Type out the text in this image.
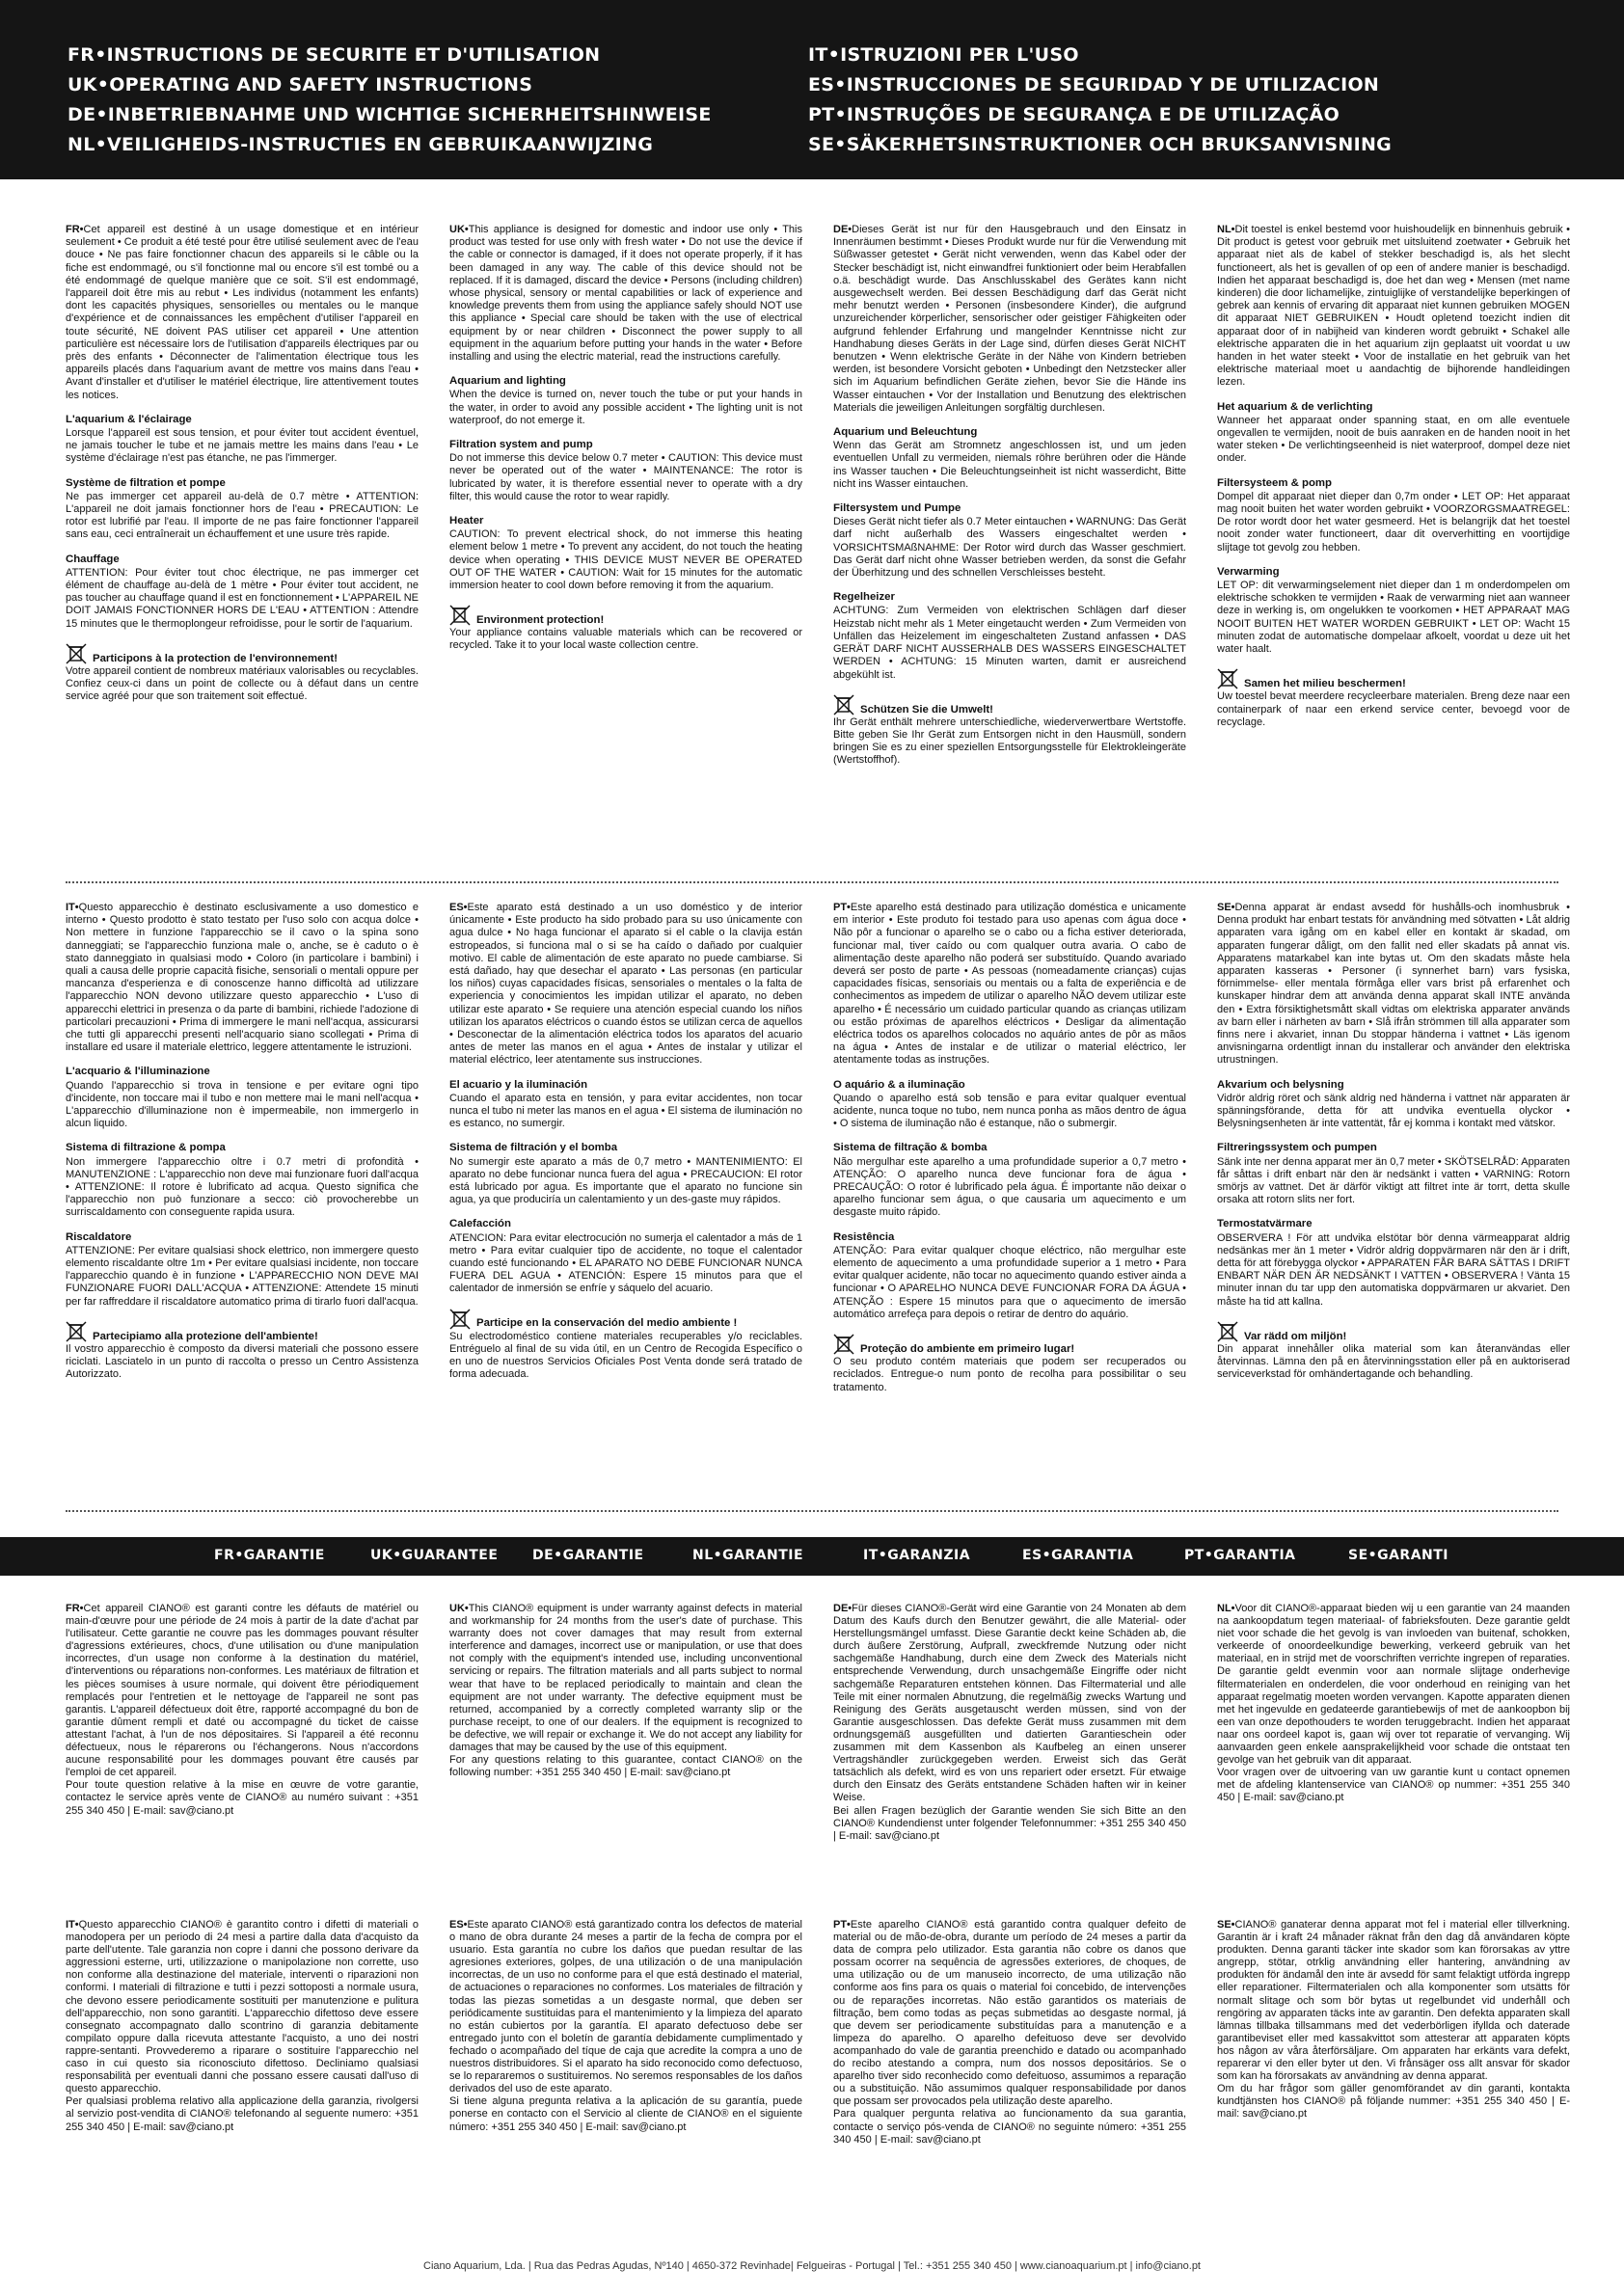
FR•INSTRUCTIONS DE SECURITE ET D'UTILISATION
UK•OPERATING AND SAFETY INSTRUCTIONS
DE•INBETRIEBNAHME UND WICHTIGE SICHERHEITSHINWEISE
NL•VEILIGHEIDS-INSTRUCTIES EN GEBRUIKAANWIJZING
IT•ISTRUZIONI PER L'USO
ES•INSTRUCCIONES DE SEGURIDAD Y DE UTILIZACION
PT•INSTRUÇÕES DE SEGURANÇA E DE UTILIZAÇÃO
SE•SÄKERHETSINSTRUKTIONER OCH BRUKSANVISNING

FR•Cet appareil est destiné à un usage domestique et en intérieur seulement • Ce produit a été testé pour être utilisé seulement avec de l'eau douce • Ne pas faire fonctionner chacun des appareils si le câble ou la fiche est endommagé, ou s'il fonctionne mal ou encore s'il est tombé ou a été endommagé de quelque manière que ce soit. S'il est endommagé, l'appareil doit être mis au rebut • Les individus (notamment les enfants) dont les capacités physiques, sensorielles ou mentales ou le manque d'expérience et de connaissances les empêchent d'utiliser l'appareil en toute sécurité, NE doivent PAS utiliser cet appareil • Une attention particulière est nécessaire lors de l'utilisation d'appareils électriques par ou près des enfants • Déconnecter de l'alimentation électrique tous les appareils placés dans l'aquarium avant de mettre vos mains dans l'eau • Avant d'installer et d'utiliser le matériel électrique, lire attentivement toutes les notices.

L'aquarium & l'éclairage

Lorsque l'appareil est sous tension, et pour éviter tout accident éventuel, ne jamais toucher le tube et ne jamais mettre les mains dans l'eau • Le système d'éclairage n'est pas étanche, ne pas l'immerger.

Système de filtration et pompe

Ne pas immerger cet appareil au-delà de 0.7 mètre • ATTENTION: L'appareil ne doit jamais fonctionner hors de l'eau • PRECAUTION: Le rotor est lubrifié par l'eau. Il importe de ne pas faire fonctionner l'appareil sans eau, ceci entraînerait un échauffement et une usure très rapide.

Chauffage

ATTENTION: Pour éviter tout choc électrique, ne pas immerger cet élément de chauffage au-delà de 1 mètre • Pour éviter tout accident, ne pas toucher au chauffage quand il est en fonctionnement • L'APPAREIL NE DOIT JAMAIS FONCTIONNER HORS DE L'EAU • ATTENTION : Attendre 15 minutes que le thermoplongeur refroidisse, pour le sortir de l'aquarium.

Participons à la protection de l'environnement!

Votre appareil contient de nombreux matériaux valorisables ou recyclables. Confiez ceux-ci dans un point de collecte ou à défaut dans un centre service agréé pour que son traitement soit effectué.

UK•This appliance is designed for domestic and indoor use only • This product was tested for use only with fresh water • Do not use the device if the cable or connector is damaged, if it does not operate properly, if it has been damaged in any way. The cable of this device should not be replaced. If it is damaged, discard the device • Persons (including children) whose physical, sensory or mental capabilities or lack of experience and knowledge prevents them from using the appliance safely should NOT use this appliance • Special care should be taken with the use of electrical equipment by or near children • Disconnect the power supply to all equipment in the aquarium before putting your hands in the water • Before installing and using the electric material, read the instructions carefully.

Aquarium and lighting

When the device is turned on, never touch the tube or put your hands in the water, in order to avoid any possible accident • The lighting unit is not waterproof, do not emerge it.

Filtration system and pump

Do not immerse this device below 0.7 meter • CAUTION: This device must never be operated out of the water • MAINTENANCE: The rotor is lubricated by water, it is therefore essential never to operate with a dry filter, this would cause the rotor to wear rapidly.

Heater

CAUTION: To prevent electrical shock, do not immerse this heating element below 1 metre • To prevent any accident, do not touch the heating device when operating • THIS DEVICE MUST NEVER BE OPERATED OUT OF THE WATER • CAUTION: Wait for 15 minutes for the automatic immersion heater to cool down before removing it from the aquarium.

Environment protection!

Your appliance contains valuable materials which can be recovered or recycled. Take it to your local waste collection centre.

DE•Dieses Gerät ist nur für den Hausgebrauch und den Einsatz in Innenräumen bestimmt • Dieses Produkt wurde nur für die Verwendung mit Süßwasser getestet • Gerät nicht verwenden, wenn das Kabel oder der Stecker beschädigt ist, nicht einwandfrei funktioniert oder beim Herabfallen o.ä. beschädigt wurde. Das Anschlusskabel des Gerätes kann nicht ausgewechselt werden. Bei dessen Beschädigung darf das Gerät nicht mehr benutzt werden • Personen (insbesondere Kinder), die aufgrund unzureichender körperlicher, sensorischer oder geistiger Fähigkeiten oder aufgrund fehlender Erfahrung und mangelnder Kenntnisse nicht zur Handhabung dieses Geräts in der Lage sind, dürfen dieses Gerät NICHT benutzen • Wenn elektrische Geräte in der Nähe von Kindern betrieben werden, ist besondere Vorsicht geboten • Unbedingt den Netzstecker aller sich im Aquarium befindlichen Geräte ziehen, bevor Sie die Hände ins Wasser eintauchen • Vor der Installation und Benutzung des elektrischen Materials die jeweiligen Anleitungen sorgfältig durchlesen.

Aquarium und Beleuchtung

Wenn das Gerät am Stromnetz angeschlossen ist, und um jeden eventuellen Unfall zu vermeiden, niemals röhre berühren oder die Hände ins Wasser tauchen • Die Beleuchtungseinheit ist nicht wasserdicht, Bitte nicht ins Wasser eintauchen.

Filtersystem und Pumpe

Dieses Gerät nicht tiefer als 0.7 Meter eintauchen • WARNUNG: Das Gerät darf nicht außerhalb des Wassers eingeschaltet werden • VORSICHTSMAßNAHME: Der Rotor wird durch das Wasser geschmiert. Das Gerät darf nicht ohne Wasser betrieben werden, da sonst die Gefahr der Überhitzung und des schnellen Verschleisses besteht.

Regelheizer

ACHTUNG: Zum Vermeiden von elektrischen Schlägen darf dieser Heizstab nicht mehr als 1 Meter eingetaucht werden • Zum Vermeiden von Unfällen das Heizelement im eingeschalteten Zustand anfassen • DAS GERÄT DARF NICHT AUSSERHALB DES WASSERS EINGESCHALTET WERDEN • ACHTUNG: 15 Minuten warten, damit er ausreichend abgekühlt ist.

Schützen Sie die Umwelt!

Ihr Gerät enthält mehrere unterschiedliche, wiederverwertbare Wertstoffe. Bitte geben Sie Ihr Gerät zum Entsorgen nicht in den Hausmüll, sondern bringen Sie es zu einer speziellen Entsorgungsstelle für Elektrokleingeräte (Wertstoffhof).

NL•Dit toestel is enkel bestemd voor huishoudelijk en binnenhuis gebruik • Dit product is getest voor gebruik met uitsluitend zoetwater • Gebruik het apparaat niet als de kabel of stekker beschadigd is, als het slecht functioneert, als het is gevallen of op een of andere manier is beschadigd. Indien het apparaat beschadigd is, doe het dan weg • Mensen (met name kinderen) die door lichamelijke, zintuiglijke of verstandelijke beperkingen of gebrek aan kennis of ervaring dit apparaat niet kunnen gebruiken MOGEN dit apparaat NIET GEBRUIKEN • Houdt opletend toezicht indien dit apparaat door of in nabijheid van kinderen wordt gebruikt • Schakel alle elektrische apparaten die in het aquarium zijn geplaatst uit voordat u uw handen in het water steekt • Voor de installatie en het gebruik van het elektrische materiaal moet u aandachtig de bijhorende handleidingen lezen.

Het aquarium & de verlichting

Wanneer het apparaat onder spanning staat, en om alle eventuele ongevallen te vermijden, nooit de buis aanraken en de handen nooit in het water steken • De verlichtingseenheid is niet waterproof, dompel deze niet onder.

Filtersysteem & pomp

Dompel dit apparaat niet dieper dan 0,7m onder • LET OP: Het apparaat mag nooit buiten het water worden gebruikt • VOORZORGSMAATREGEL: De rotor wordt door het water gesmeerd. Het is belangrijk dat het toestel nooit zonder water functioneert, daar dit oververhitting en voortijdige slijtage tot gevolg zou hebben.

Verwarming

LET OP: dit verwarmingselement niet dieper dan 1 m onderdompelen om elektrische schokken te vermijden • Raak de verwarming niet aan wanneer deze in werking is, om ongelukken te voorkomen • HET APPARAAT MAG NOOIT BUITEN HET WATER WORDEN GEBRUIKT • LET OP: Wacht 15 minuten zodat de automatische dompelaar afkoelt, voordat u deze uit het water haalt.

Samen het milieu beschermen!

Uw toestel bevat meerdere recycleerbare materialen. Breng deze naar een containerpark of naar een erkend service center, bevoegd voor de recyclage.

IT•Questo apparecchio è destinato esclusivamente a uso domestico e interno • Questo prodotto è stato testato per l'uso solo con acqua dolce • Non mettere in funzione l'apparecchio se il cavo o la spina sono danneggiati; se l'apparecchio funziona male o, anche, se è caduto o è stato danneggiato in qualsiasi modo • Coloro (in particolare i bambini) i quali a causa delle proprie capacità fisiche, sensoriali o mentali oppure per mancanza d'esperienza e di conoscenze hanno difficoltà ad utilizzare l'apparecchio NON devono utilizzare questo apparecchio • L'uso di apparecchi elettrici in presenza o da parte di bambini, richiede l'adozione di particolari precauzioni • Prima di immergere le mani nell'acqua, assicurarsi che tutti gli apparecchi presenti nell'acquario siano scollegati • Prima di installare ed usare il materiale elettrico, leggere attentamente le istruzioni.

L'acquario & l'illuminazione

Quando l'apparecchio si trova in tensione e per evitare ogni tipo d'incidente, non toccare mai il tubo e non mettere mai le mani nell'acqua • L'apparecchio d'illuminazione non è impermeabile, non immergerlo in alcun liquido.

Sistema di filtrazione & pompa

Non immergere l'apparecchio oltre i 0.7 metri di profondità • MANUTENZIONE : L'apparecchio non deve mai funzionare fuori dall'acqua • ATTENZIONE: Il rotore è lubrificato ad acqua. Questo significa che l'apparecchio non può funzionare a secco: ciò provocherebbe un surriscaldamento con conseguente rapida usura.

Riscaldatore

ATTENZIONE: Per evitare qualsiasi shock elettrico, non immergere questo elemento riscaldante oltre 1m • Per evitare qualsiasi incidente, non toccare l'apparecchio quando è in funzione • L'APPARECCHIO NON DEVE MAI FUNZIONARE FUORI DALL'ACQUA • ATTENZIONE: Attendete 15 minuti per far raffreddare il riscaldatore automatico prima di tirarlo fuori dall'acqua.

Partecipiamo alla protezione dell'ambiente!

Il vostro apparecchio è composto da diversi materiali che possono essere riciclati. Lasciatelo in un punto di raccolta o presso un Centro Assistenza Autorizzato.

ES•Este aparato está destinado a un uso doméstico y de interior únicamente • Este producto ha sido probado para su uso únicamente con agua dulce • No haga funcionar el aparato si el cable o la clavija están estropeados, si funciona mal o si se ha caído o dañado por cualquier motivo. El cable de alimentación de este aparato no puede cambiarse. Si está dañado, hay que desechar el aparato • Las personas (en particular los niños) cuyas capacidades físicas, sensoriales o mentales o la falta de experiencia y conocimientos les impidan utilizar el aparato, no deben utilizar este aparato • Se requiere una atención especial cuando los niños utilizan los aparatos eléctricos o cuando éstos se utilizan cerca de aquellos • Desconectar de la alimentación eléctrica todos los aparatos del acuario antes de meter las manos en el agua • Antes de instalar y utilizar el material eléctrico, leer atentamente sus instrucciones.

El acuario y la iluminación

Cuando el aparato esta en tensión, y para evitar accidentes, non tocar nunca el tubo ni meter las manos en el agua • El sistema de iluminación no es estanco, no sumergir.

Sistema de filtración y el bomba

No sumergir este aparato a más de 0,7 metro • MANTENIMIENTO: El aparato no debe funcionar nunca fuera del agua • PRECAUCION: El rotor está lubricado por agua. Es importante que el aparato no funcione sin agua, ya que produciría un calentamiento y un des-gaste muy rápidos.

Calefacción

ATENCION: Para evitar electrocución no sumerja el calentador a más de 1 metro • Para evitar cualquier tipo de accidente, no toque el calentador cuando esté funcionando • EL APARATO NO DEBE FUNCIONAR NUNCA FUERA DEL AGUA • ATENCIÓN: Espere 15 minutos para que el calentador de inmersión se enfríe y sáquelo del acuario.

Participe en la conservación del medio ambiente !

Su electrodoméstico contiene materiales recuperables y/o reciclables. Entréguelo al final de su vida útil, en un Centro de Recogida Específico o en uno de nuestros Servicios Oficiales Post Venta donde será tratado de forma adecuada.

PT•Este aparelho está destinado para utilização doméstica e unicamente em interior • Este produto foi testado para uso apenas com água doce • Não pôr a funcionar o aparelho se o cabo ou a ficha estiver deteriorada, funcionar mal, tiver caído ou com qualquer outra avaria. O cabo de alimentação deste aparelho não poderá ser substituído. Quando avariado deverá ser posto de parte • As pessoas (nomeadamente crianças) cujas capacidades físicas, sensoriais ou mentais ou a falta de experiência e de conhecimentos as impedem de utilizar o aparelho NÃO devem utilizar este aparelho • É necessário um cuidado particular quando as crianças utilizam ou estão próximas de aparelhos eléctricos • Desligar da alimentação eléctrica todos os aparelhos colocados no aquário antes de pôr as mãos na água • Antes de instalar e de utilizar o material eléctrico, ler atentamente todas as instruções.

O aquário & a iluminação

Quando o aparelho está sob tensão e para evitar qualquer eventual acidente, nunca toque no tubo, nem nunca ponha as mãos dentro de água • O sistema de iluminação não é estanque, não o submergir.

Sistema de filtração & bomba

Não mergulhar este aparelho a uma profundidade superior a 0,7 metro • ATENÇÃO: O aparelho nunca deve funcionar fora de água • PRECAUÇÃO: O rotor é lubrificado pela água. É importante não deixar o aparelho funcionar sem água, o que causaria um aquecimento e um desgaste muito rápido.

Resistência

ATENÇÃO: Para evitar qualquer choque eléctrico, não mergulhar este elemento de aquecimento a uma profundidade superior a 1 metro • Para evitar qualquer acidente, não tocar no aquecimento quando estiver ainda a funcionar • O APARELHO NUNCA DEVE FUNCIONAR FORA DA ÁGUA • ATENÇÃO : Espere 15 minutos para que o aquecimento de imersão automático arrefeça para depois o retirar de dentro do aquário.

Proteção do ambiente em primeiro lugar!

O seu produto contém materiais que podem ser recuperados ou reciclados. Entregue-o num ponto de recolha para possibilitar o seu tratamento.

SE•Denna apparat är endast avsedd för hushålls-och inomhusbruk • Denna produkt har enbart testats för användning med sötvatten • Låt aldrig apparaten vara igång om en kabel eller en kontakt är skadad, om apparaten fungerar dåligt, om den fallit ned eller skadats på annat vis. Apparatens matarkabel kan inte bytas ut. Om den skadats måste hela apparaten kasseras • Personer (i synnerhet barn) vars fysiska, förnimmelse- eller mentala förmåga eller vars brist på erfarenhet och kunskaper hindrar dem att använda denna apparat skall INTE använda den • Extra försiktighetsmått skall vidtas om elektriska apparater används av barn eller i närheten av barn • Slå ifrån strömmen till alla apparater som finns nere i akvariet, innan Du stoppar händerna i vattnet • Läs igenom anvisningarna ordentligt innan du installerar och använder den elektriska utrustningen.

Akvarium och belysning

Vidrör aldrig röret och sänk aldrig ned händerna i vattnet när apparaten är spänningsförande, detta för att undvika eventuella olyckor • Belysningsenheten är inte vattentät, får ej komma i kontakt med vätskor.

Filtreringssystem och pumpen

Sänk inte ner denna apparat mer än 0,7 meter • SKÖTSELRÅD: Apparaten får såttas i drift enbart när den är nedsänkt i vatten • VARNING: Rotorn smörjs av vattnet. Det är därför viktigt att filtret inte är torrt, detta skulle orsaka att rotorn slits ner fort.

Termostatvärmare

OBSERVERA ! För att undvika elstötar bör denna värmeapparat aldrig nedsänkas mer än 1 meter • Vidrör aldrig doppvärmaren när den är i drift, detta för att förebygga olyckor • APPARATEN FÅR BARA SÄTTAS I DRIFT ENBART NÄR DEN ÄR NEDSÄNKT I VATTEN • OBSERVERA ! Vänta 15 minuter innan du tar upp den automatiska doppvärmaren ur akvariet. Den måste ha tid att kallna.

Var rädd om miljön!

Din apparat innehåller olika material som kan återanvändas eller återvinnas. Lämna den på en återvinningsstation eller på en auktoriserad serviceverkstad för omhändertagande och behandling.

FR•GARANTIE	UK•GUARANTEE	DE•GARANTIE	NL•GARANTIE	IT•GARANZIA	ES•GARANTIA	PT•GARANTIA	SE•GARANTI
FR•Cet appareil CIANO® est garanti contre les défauts de matériel ou main-d'œuvre pour une période de 24 mois à partir de la date d'achat par l'utilisateur. Cette garantie ne couvre pas les dommages pouvant résulter d'agressions extérieures, chocs, d'une utilisation ou d'une manipulation incorrectes, d'un usage non conforme à la destination du matériel, d'interventions ou réparations non-conformes. Les matériaux de filtration et les pièces soumises à usure normale, qui doivent être périodiquement remplacés pour l'entretien et le nettoyage de l'appareil ne sont pas garantis. L'appareil défectueux doit être, rapporté accompagné du bon de garantie dûment rempli et daté ou accompagné du ticket de caisse attestant l'achat, à l'un de nos dépositaires. Si l'appareil a été reconnu défectueux, nous le réparerons ou l'échangerons. Nous n'accordons aucune responsabilité pour les dommages pouvant être causés par l'emploi de cet appareil.
Pour toute question relative à la mise en œuvre de votre garantie, contactez le service après vente de CIANO® au numéro suivant : +351 255 340 450 | E-mail: sav@ciano.pt
UK•This CIANO® equipment is under warranty against defects in material and workmanship for 24 months from the user's date of purchase. This warranty does not cover damages that may result from external interference and damages, incorrect use or manipulation, or use that does not comply with the equipment's intended use, including unconventional servicing or repairs. The filtration materials and all parts subject to normal wear that have to be replaced periodically to maintain and clean the equipment are not under warranty. The defective equipment must be returned, accompanied by a correctly completed warranty slip or the purchase receipt, to one of our dealers. If the equipment is recognized to be defective, we will repair or exchange it. We do not accept any liability for damages that may be caused by the use of this equipment.
For any questions relating to this guarantee, contact CIANO® on the following number: +351 255 340 450 | E-mail: sav@ciano.pt
DE•Für dieses CIANO®-Gerät wird eine Garantie von 24 Monaten ab dem Datum des Kaufs durch den Benutzer gewährt, die alle Material- oder Herstellungsmängel umfasst. Diese Garantie deckt keine Schäden ab, die durch äußere Zerstörung, Aufprall, zweckfremde Nutzung oder nicht sachgemäße Handhabung, durch eine dem Zweck des Materials nicht entsprechende Verwendung, durch unsachgemäße Eingriffe oder nicht sachgemäße Reparaturen entstehen können. Das Filtermaterial und alle Teile mit einer normalen Abnutzung, die regelmäßig zwecks Wartung und Reinigung des Geräts ausgetauscht werden müssen, sind von der Garantie ausgeschlossen. Das defekte Gerät muss zusammen mit dem ordnungsgemäß ausgefüllten und datierten Garantieschein oder zusammen mit dem Kassenbon als Kaufbeleg an einen unserer Vertragshändler zurückgegeben werden. Erweist sich das Gerät tatsächlich als defekt, wird es von uns repariert oder ersetzt. Für etwaige durch den Einsatz des Geräts entstandene Schäden haften wir in keiner Weise.
Bei allen Fragen bezüglich der Garantie wenden Sie sich Bitte an den CIANO® Kundendienst unter folgender Telefonnummer: +351 255 340 450 | E-mail: sav@ciano.pt
NL•Voor dit CIANO®-apparaat bieden wij u een garantie van 24 maanden na aankoopdatum tegen materiaal- of fabrieksfouten. Deze garantie geldt niet voor schade die het gevolg is van invloeden van buitenaf, schokken, verkeerde of onoordeelkundige bewerking, verkeerd gebruik van het materiaal, en in strijd met de voorschriften verrichte ingrepen of reparaties. De garantie geldt evenmin voor aan normale slijtage onderhevige filtermaterialen en onderdelen, die voor onderhoud en reiniging van het apparaat regelmatig moeten worden vervangen. Kapotte apparaten dienen met het ingevulde en gedateerde garantiebewijs of met de aankoopbon bij een van onze depothouders te worden teruggebracht. Indien het apparaat naar ons oordeel kapot is, gaan wij over tot reparatie of vervanging. Wij aanvaarden geen enkele aansprakelijkheid voor schade die ontstaat ten gevolge van het gebruik van dit apparaat.
Voor vragen over de uitvoering van uw garantie kunt u contact opnemen met de afdeling klantenservice van CIANO® op nummer: +351 255 340 450 | E-mail: sav@ciano.pt
IT•Questo apparecchio CIANO® è garantito contro i difetti di materiali o manodopera per un periodo di 24 mesi a partire dalla data d'acquisto da parte dell'utente. Tale garanzia non copre i danni che possono derivare da aggressioni esterne, urti, utilizzazione o manipolazione non corrette, uso non conforme alla destinazione del materiale, interventi o riparazioni non conformi. I materiali di filtrazione e tutti i pezzi sottoposti a normale usura, che devono essere periodicamente sostituiti per manutenzione e pulitura dell'apparecchio, non sono garantiti. L'apparecchio difettoso deve essere consegnato accompagnato dallo scontrino di garanzia debitamente compilato oppure dalla ricevuta attestante l'acquisto, a uno dei nostri rappre-sentanti. Provvederemo a riparare o sostituire l'apparecchio nel caso in cui questo sia riconosciuto difettoso. Decliniamo qualsiasi responsabilità per eventuali danni che possano essere causati dall'uso di questo apparecchio.
Per qualsiasi problema relativo alla applicazione della garanzia, rivolgersi al servizio post-vendita di CIANO® telefonando al seguente numero: +351 255 340 450 | E-mail: sav@ciano.pt
ES•Este aparato CIANO® está garantizado contra los defectos de material o mano de obra durante 24 meses a partir de la fecha de compra por el usuario. Esta garantía no cubre los daños que puedan resultar de las agresiones exteriores, golpes, de una utilización o de una manipulación incorrectas, de un uso no conforme para el que está destinado el material, de actuaciones o reparaciones no conformes. Los materiales de filtración y todas las piezas sometidas a un desgaste normal, que deben ser periódicamente sustituidas para el mantenimiento y la limpieza del aparato no están cubiertos por la garantía. El aparato defectuoso debe ser entregado junto con el boletín de garantía debidamente cumplimentado y fechado o acompañado del tíque de caja que acredite la compra a uno de nuestros distribuidores. Si el aparato ha sido reconocido como defectuoso, se lo repararemos o sustituiremos. No seremos responsables de los daños derivados del uso de este aparato.
Si tiene alguna pregunta relativa a la aplicación de su garantía, puede ponerse en contacto con el Servicio al cliente de CIANO® en el siguiente número: +351 255 340 450 | E-mail: sav@ciano.pt
PT•Este aparelho CIANO® está garantido contra qualquer defeito de material ou de mão-de-obra, durante um período de 24 meses a partir da data de compra pelo utilizador. Esta garantia não cobre os danos que possam ocorrer na sequência de agressões exteriores, de choques, de uma utilização ou de um manuseio incorrecto, de uma utilização não conforme aos fins para os quais o material foi concebido, de intervenções ou de reparações incorretas. Não estão garantidos os materiais de filtração, bem como todas as peças submetidas ao desgaste normal, já que devem ser periodicamente substituídas para a manutenção e a limpeza do aparelho. O aparelho defeituoso deve ser devolvido acompanhado do vale de garantia preenchido e datado ou acompanhado do recibo atestando a compra, num dos nossos depositários. Se o aparelho tiver sido reconhecido como defeituoso, assumimos a reparação ou a substituição. Não assumimos qualquer responsabilidade por danos que possam ser provocados pela utilização deste aparelho.
Para qualquer pergunta relativa ao funcionamento da sua garantia, contacte o serviço pós-venda de CIANO® no seguinte número: +351 255 340 450 | E-mail: sav@ciano.pt
SE•CIANO® ganaterar denna apparat mot fel i material eller tillverkning. Garantin är i kraft 24 månader räknat från den dag då användaren köpte produkten. Denna garanti täcker inte skador som kan förorsakas av yttre angrepp, stötar, otrklig användning eller hantering, användning av produkten för ändamål den inte är avsedd för samt felaktigt utförda ingrepp eller reparationer. Filtermaterialen och alla komponenter som utsätts för normalt slitage och som bör bytas ut regelbundet vid underhåll och rengöring av apparaten täcks inte av garantin. Den defekta apparaten skall lämnas tillbaka tillsammans med det vederbörligen ifyllda och daterade garantibeviset eller med kassakvittot som attesterar att apparaten köpts hos någon av våra återförsäljare. Om apparaten har erkänts vara defekt, reparerar vi den eller byter ut den. Vi frånsäger oss allt ansvar för skador som kan ha förorsakats av användning av denna apparat.
Om du har frågor som gäller genomförandet av din garanti, kontakta kundtjänsten hos CIANO® på följande nummer: +351 255 340 450 | E-mail: sav@ciano.pt
Ciano Aquarium, Lda. | Rua das Pedras Agudas, Nº140 | 4650-372 Revinhade| Felgueiras - Portugal | Tel.: +351 255 340 450 | www.cianoaquarium.pt | info@ciano.pt
